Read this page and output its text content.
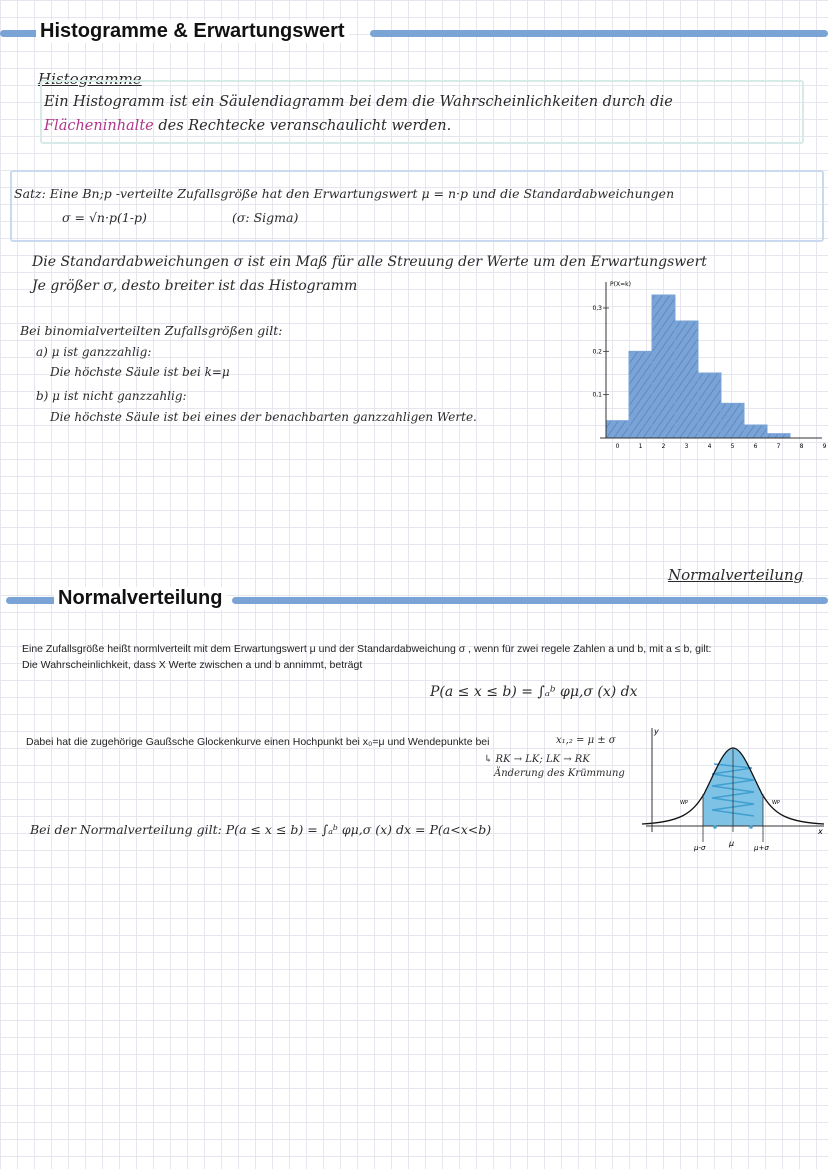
Histogramme & Erwartungswert
Histogramme
Ein Histogramm ist ein Säulendiagramm bei dem die Wahrscheinlichkeiten durch die
Flächeninhalte des Rechtecke veranschaulicht werden.
Satz: Eine Bn;p -verteilte Zufallsgröße hat den Erwartungswert μ = n·p und die Standardabweichungen
σ = √n·p(1-p)	(σ: Sigma)
Die Standardabweichungen σ ist ein Maß für alle Streuung der Werte um den Erwartungswert
Je größer σ, desto breiter ist das Histogramm
Bei binomialverteilten Zufallsgrößen gilt:
a) μ ist ganzzahlig:
Die höchste Säule ist bei k=μ
b) μ ist nicht ganzzahlig:
Die höchste Säule ist bei eines der benachbarten ganzzahligen Werte.
P(X=k)
0,1
0,2
0,3
0	1	2	3	4	5	6	7	8	9
Normalverteilung
Normalverteilung
Eine Zufallsgröße heißt normlverteilt mit dem Erwartungswert μ und der Standardabweichung σ , wenn für zwei regele Zahlen a und b, mit a ≤ b, gilt:
Die Wahrscheinlichkeit, dass X Werte zwischen a und b annimmt, beträgt
P(a ≤ x ≤ b) = ∫ₐᵇ φμ,σ (x) dx
Dabei hat die zugehörige Gaußsche Glockenkurve einen Hochpunkt bei x₀=μ und Wendepunkte bei	x₁,₂ = μ ± σ
↳ RK → LK; LK → RK
Änderung des Krümmung
Bei der Normalverteilung gilt: P(a ≤ x ≤ b) = ∫ₐᵇ φμ,σ (x) dx = P(a<x<b)
y
x
WP	WP
μ-σ	μ	μ+σ
